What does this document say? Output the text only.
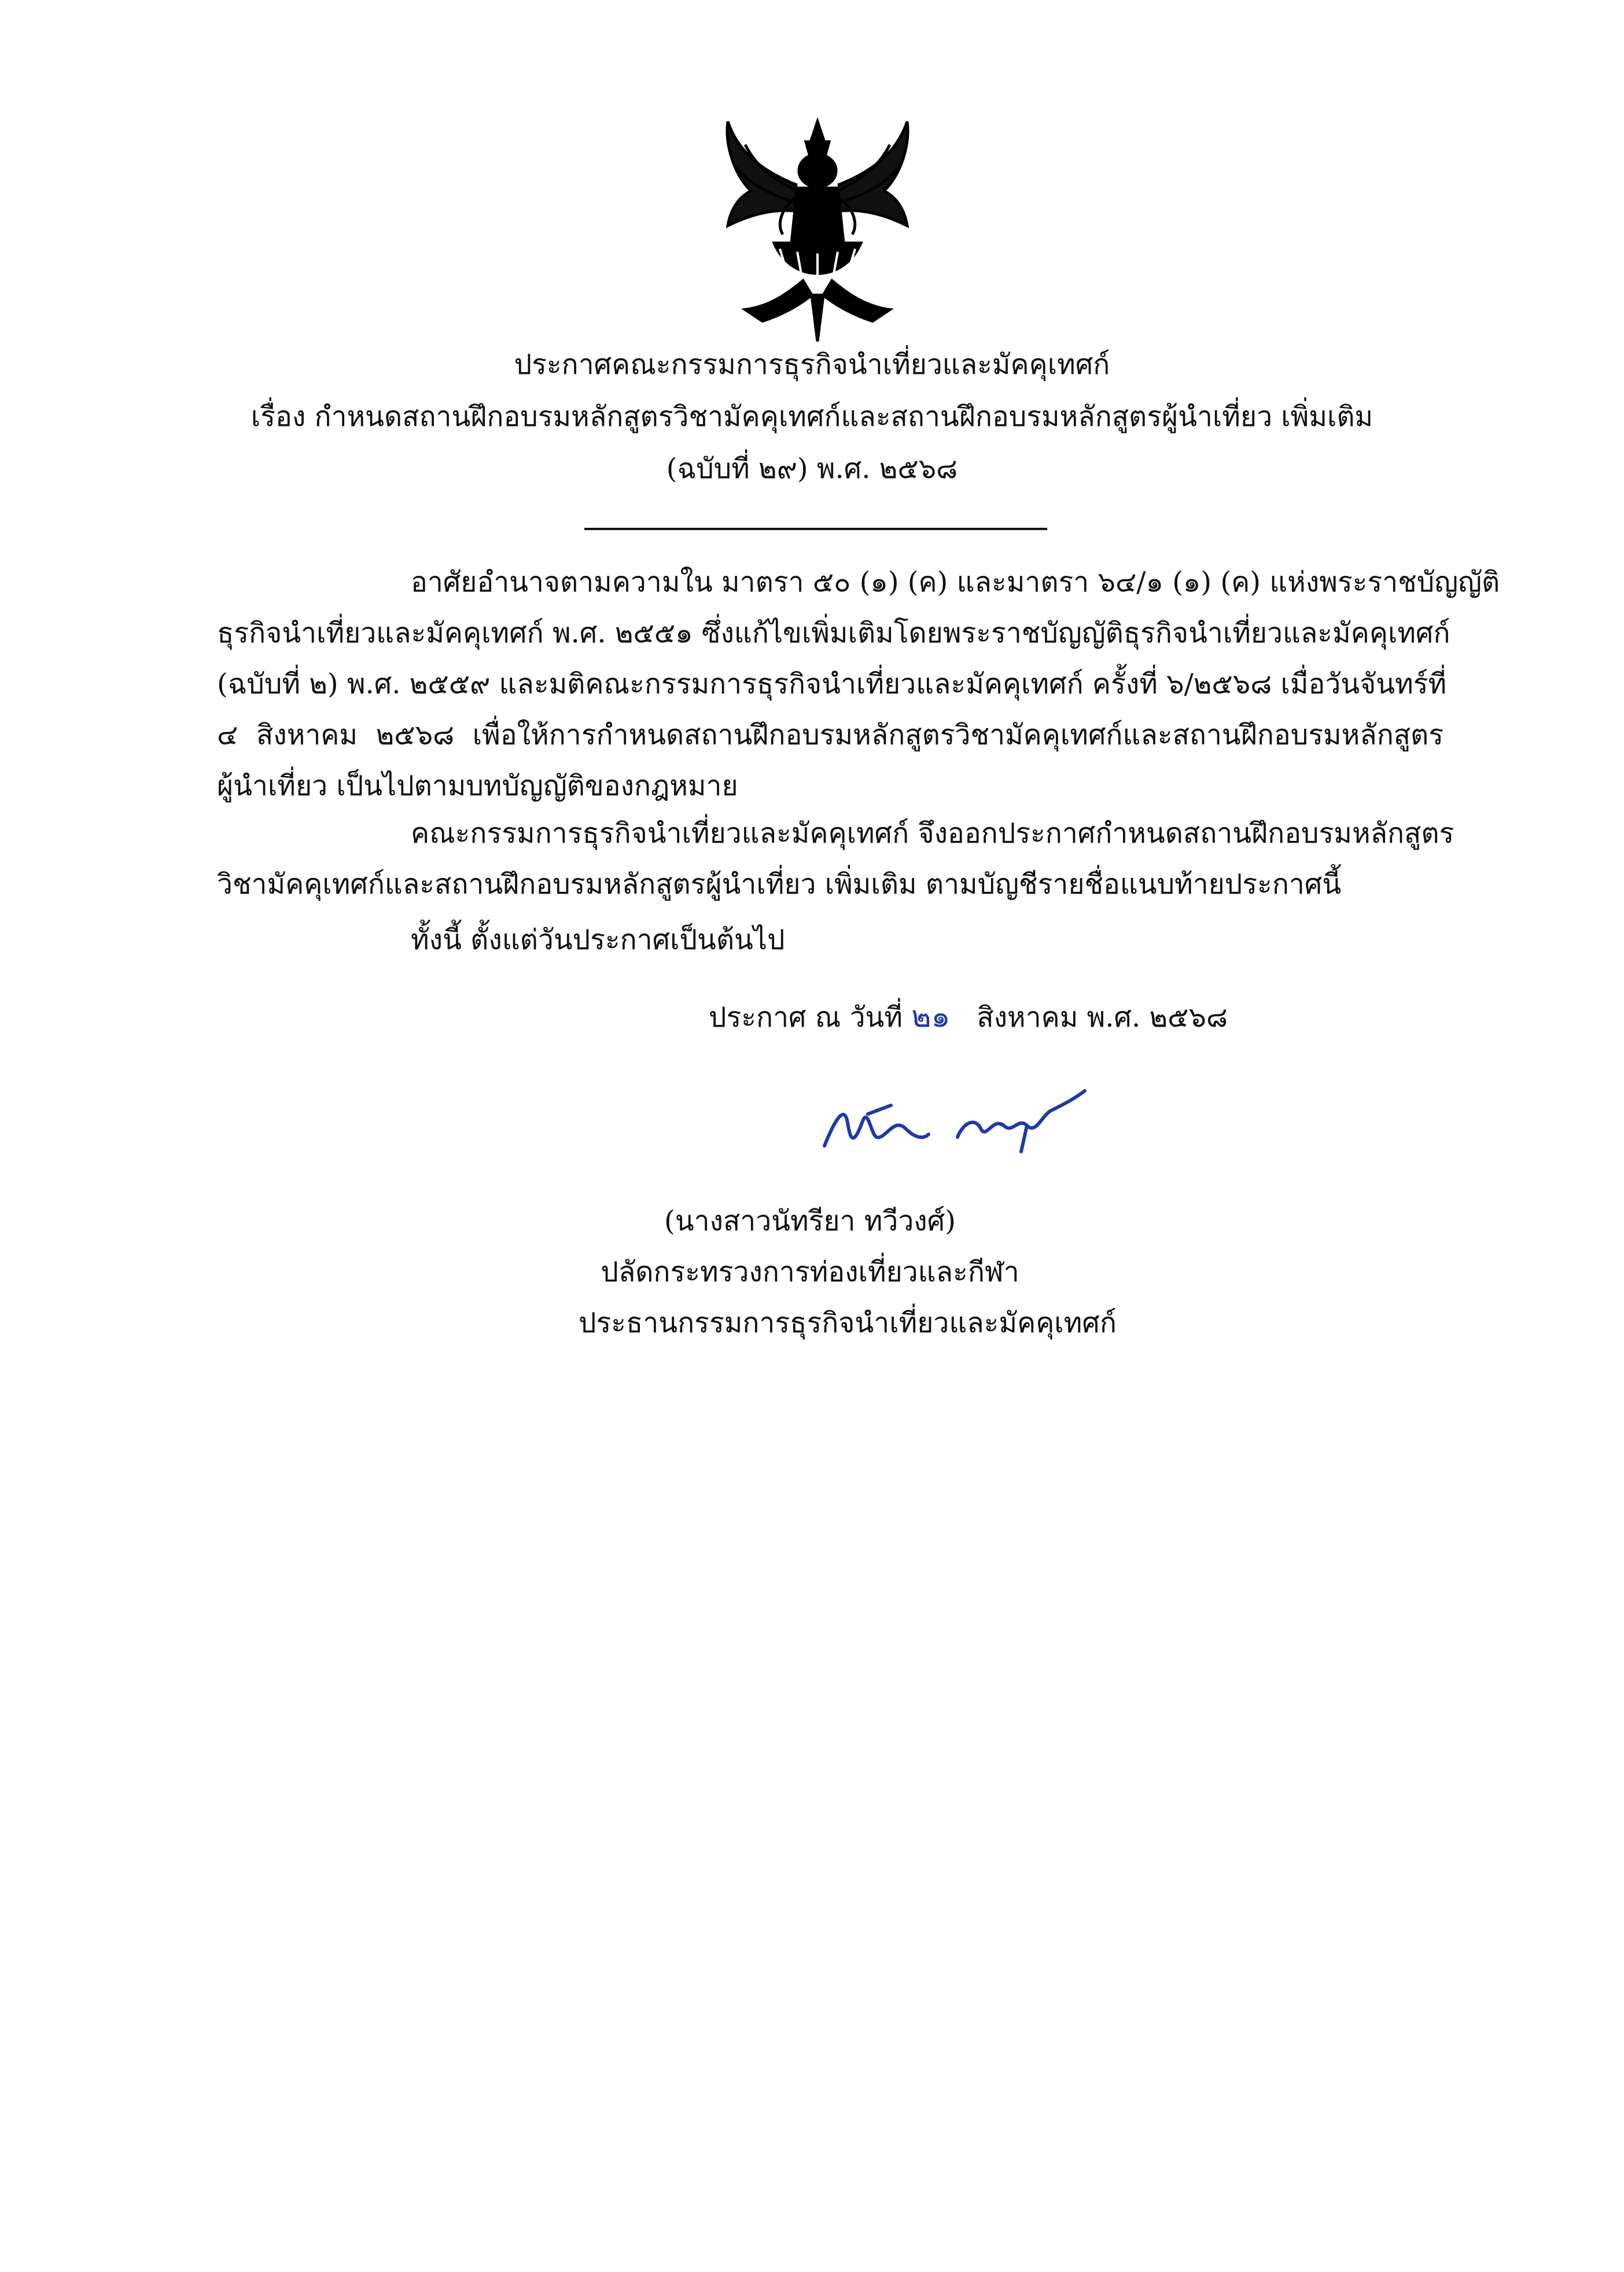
ประกาศคณะกรรมการธุรกิจนำเที่ยวและมัคคุเทศก์
เรื่อง กำหนดสถานฝึกอบรมหลักสูตรวิชามัคคุเทศก์และสถานฝึกอบรมหลักสูตรผู้นำเที่ยว เพิ่มเติม
(ฉบับที่ ๒๙) พ.ศ. ๒๕๖๘
อาศัยอำนาจตามความใน มาตรา ๕๐ (๑) (ค) และมาตรา ๖๔/๑ (๑) (ค) แห่งพระราชบัญญัติ
ธุรกิจนำเที่ยวและมัคคุเทศก์ พ.ศ. ๒๕๕๑ ซึ่งแก้ไขเพิ่มเติมโดยพระราชบัญญัติธุรกิจนำเที่ยวและมัคคุเทศก์
(ฉบับที่ ๒) พ.ศ. ๒๕๕๙ และมติคณะกรรมการธุรกิจนำเที่ยวและมัคคุเทศก์ ครั้งที่ ๖/๒๕๖๘ เมื่อวันจันทร์ที่
๔ สิงหาคม ๒๕๖๘ เพื่อให้การกำหนดสถานฝึกอบรมหลักสูตรวิชามัคคุเทศก์และสถานฝึกอบรมหลักสูตร
ผู้นำเที่ยว เป็นไปตามบทบัญญัติของกฎหมาย
คณะกรรมการธุรกิจนำเที่ยวและมัคคุเทศก์ จึงออกประกาศกำหนดสถานฝึกอบรมหลักสูตร
วิชามัคคุเทศก์และสถานฝึกอบรมหลักสูตรผู้นำเที่ยว เพิ่มเติม ตามบัญชีรายชื่อแนบท้ายประกาศนี้
ทั้งนี้ ตั้งแต่วันประกาศเป็นต้นไป
ประกาศ ณ วันที่ ๒๑ สิงหาคม พ.ศ. ๒๕๖๘
(นางสาวนัทรียา ทวีวงศ์)
ปลัดกระทรวงการท่องเที่ยวและกีฬา
ประธานกรรมการธุรกิจนำเที่ยวและมัคคุเทศก์
